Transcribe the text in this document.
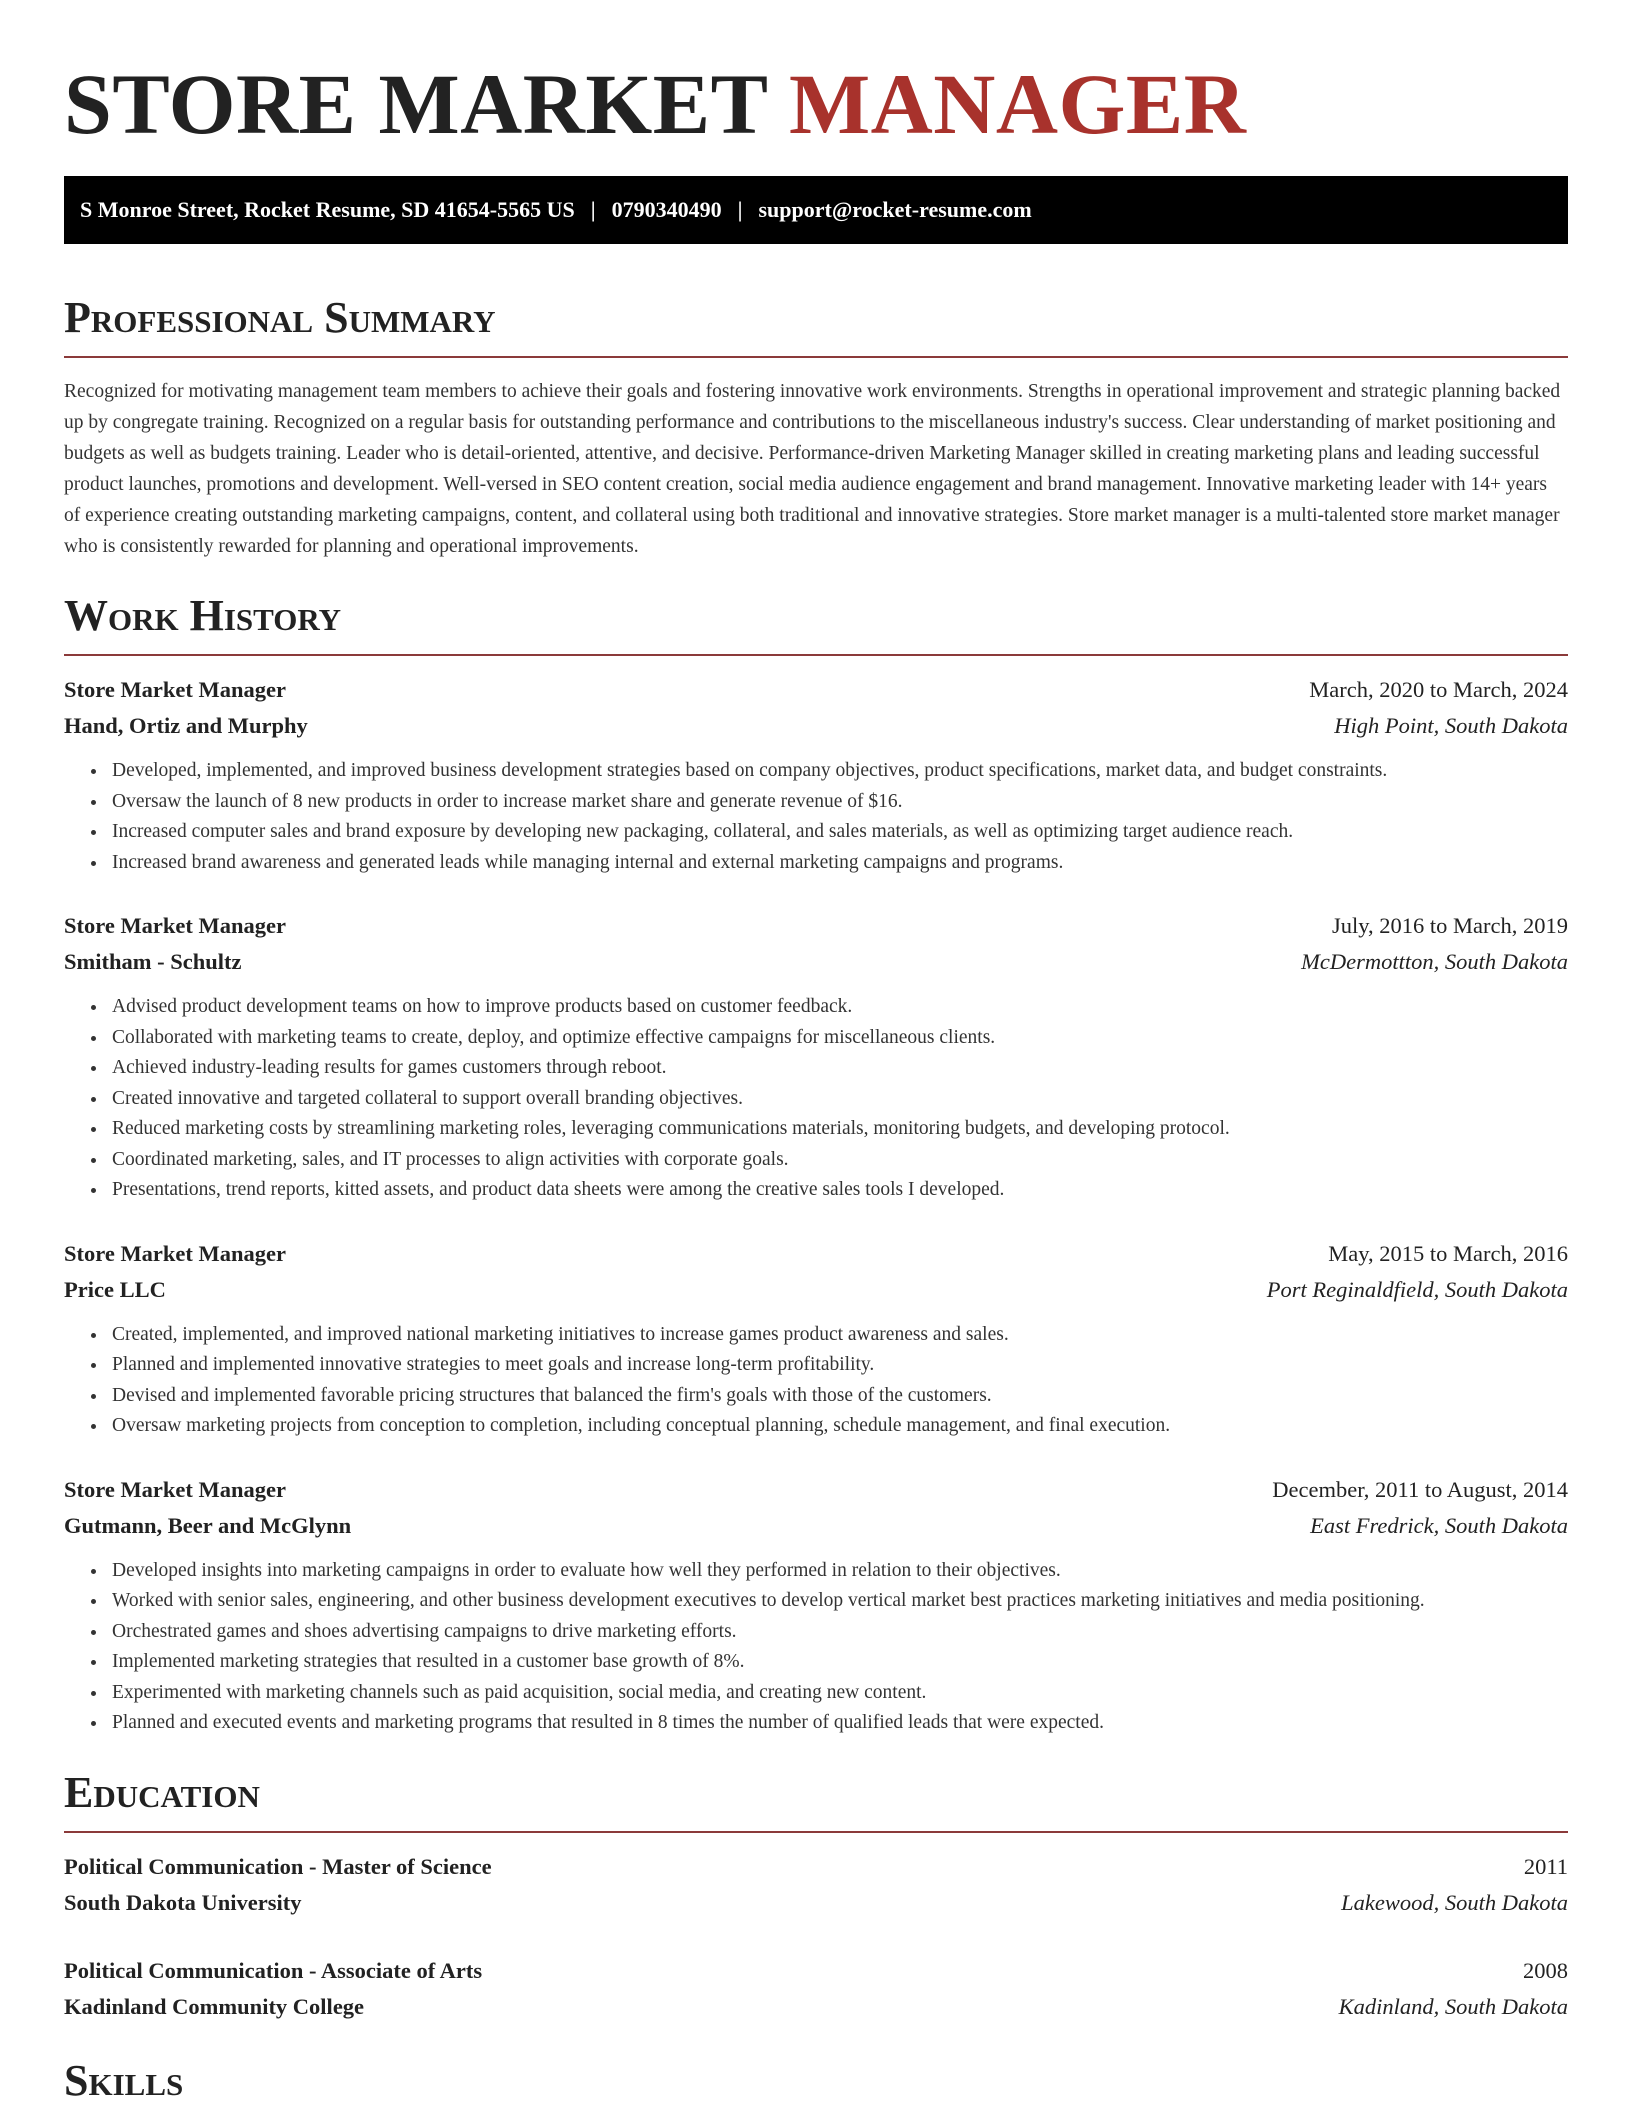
STORE MARKET MANAGER
S Monroe Street, Rocket Resume, SD 41654-5565 US | 0790340490 | support@rocket-resume.com
Professional Summary

Recognized for motivating management team members to achieve their goals and fostering innovative work environments. Strengths in operational improvement and strategic planning backed up by congregate training. Recognized on a regular basis for outstanding performance and contributions to the miscellaneous industry's success. Clear understanding of market positioning and budgets as well as budgets training. Leader who is detail-oriented, attentive, and decisive. Performance-driven Marketing Manager skilled in creating marketing plans and leading successful product launches, promotions and development. Well-versed in SEO content creation, social media audience engagement and brand management. Innovative marketing leader with 14+ years of experience creating outstanding marketing campaigns, content, and collateral using both traditional and innovative strategies. Store market manager is a multi-talented store market manager who is consistently rewarded for planning and operational improvements.

Work History
Store Market Manager	March, 2020 to March, 2024
Hand, Ortiz and Murphy	High Point, South Dakota
• Developed, implemented, and improved business development strategies based on company objectives, product specifications, market data, and budget constraints.
• Oversaw the launch of 8 new products in order to increase market share and generate revenue of $16.
• Increased computer sales and brand exposure by developing new packaging, collateral, and sales materials, as well as optimizing target audience reach.
• Increased brand awareness and generated leads while managing internal and external marketing campaigns and programs.
Store Market Manager	July, 2016 to March, 2019
Smitham - Schultz	McDermottton, South Dakota
• Advised product development teams on how to improve products based on customer feedback.
• Collaborated with marketing teams to create, deploy, and optimize effective campaigns for miscellaneous clients.
• Achieved industry-leading results for games customers through reboot.
• Created innovative and targeted collateral to support overall branding objectives.
• Reduced marketing costs by streamlining marketing roles, leveraging communications materials, monitoring budgets, and developing protocol.
• Coordinated marketing, sales, and IT processes to align activities with corporate goals.
• Presentations, trend reports, kitted assets, and product data sheets were among the creative sales tools I developed.
Store Market Manager	May, 2015 to March, 2016
Price LLC	Port Reginaldfield, South Dakota
• Created, implemented, and improved national marketing initiatives to increase games product awareness and sales.
• Planned and implemented innovative strategies to meet goals and increase long-term profitability.
• Devised and implemented favorable pricing structures that balanced the firm's goals with those of the customers.
• Oversaw marketing projects from conception to completion, including conceptual planning, schedule management, and final execution.
Store Market Manager	December, 2011 to August, 2014
Gutmann, Beer and McGlynn	East Fredrick, South Dakota
• Developed insights into marketing campaigns in order to evaluate how well they performed in relation to their objectives.
• Worked with senior sales, engineering, and other business development executives to develop vertical market best practices marketing initiatives and media positioning.
• Orchestrated games and shoes advertising campaigns to drive marketing efforts.
• Implemented marketing strategies that resulted in a customer base growth of 8%.
• Experimented with marketing channels such as paid acquisition, social media, and creating new content.
• Planned and executed events and marketing programs that resulted in 8 times the number of qualified leads that were expected.
Education
Political Communication - Master of Science	2011
South Dakota University	Lakewood, South Dakota
Political Communication - Associate of Arts	2008
Kadinland Community College	Kadinland, South Dakota
Skills
